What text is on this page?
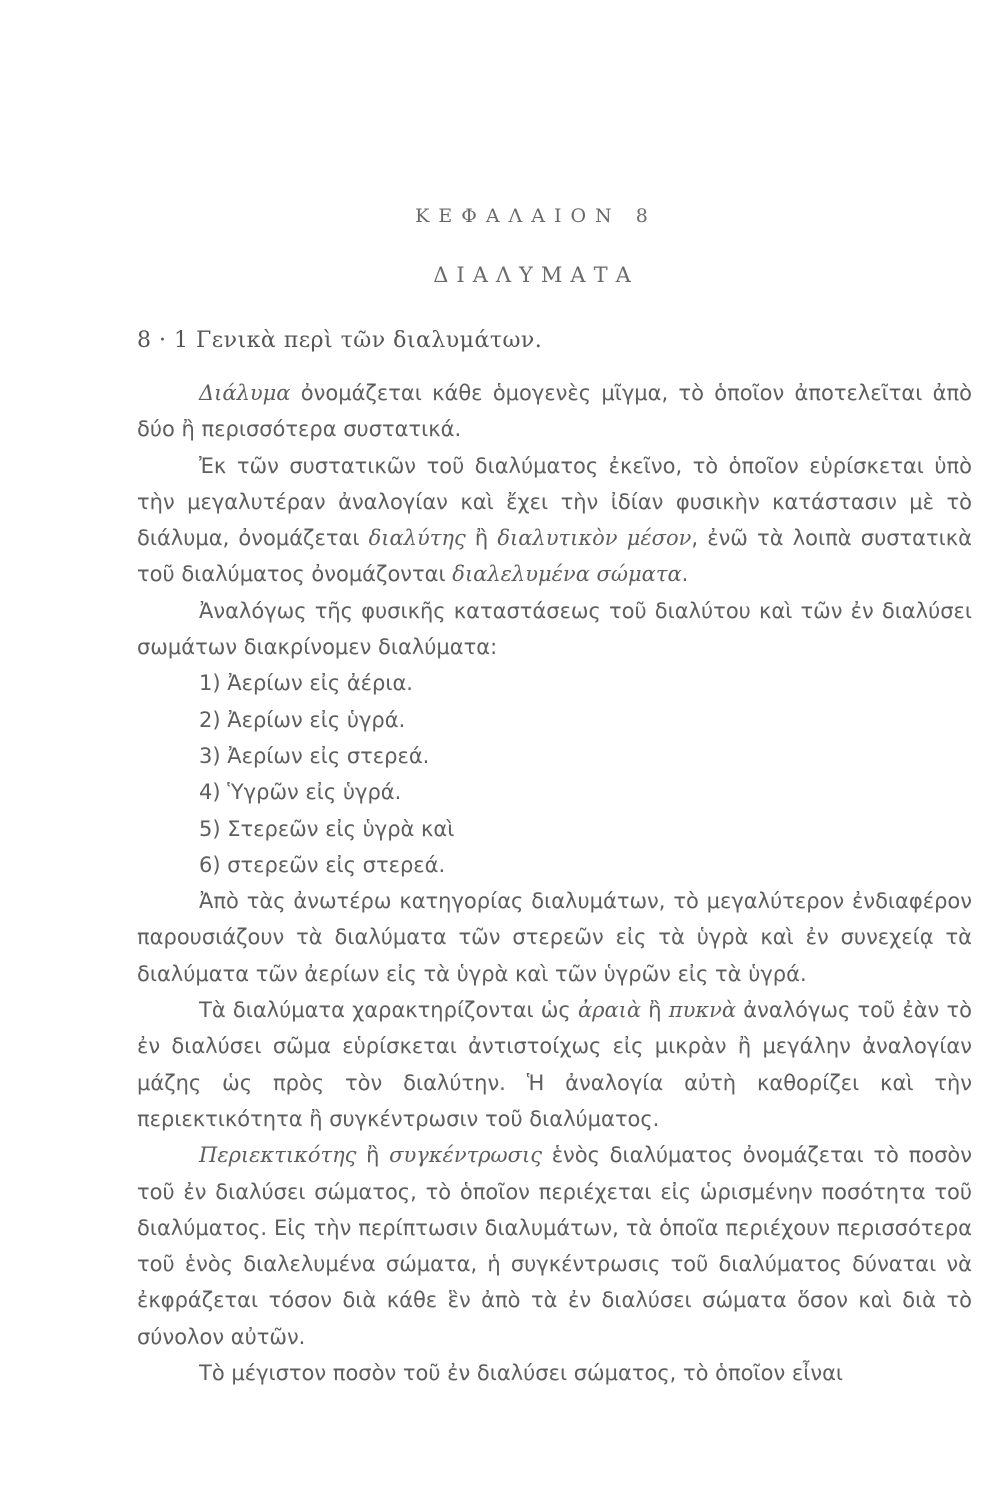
ΚΕΦΑΛΑΙΟΝ 8
ΔΙΑΛΥΜΑΤΑ
8 · 1 Γενικὰ περὶ τῶν διαλυμάτων.
Διάλυμα ὀνομάζεται κάθε ὁμογενὲς μῖγμα, τὸ ὁποῖον ἀποτελεῖται ἀπὸ δύο ἢ περισσότερα συστατικά.
Ἐκ τῶν συστατικῶν τοῦ διαλύματος ἐκεῖνο, τὸ ὁποῖον εὑρίσκεται ὑπὸ τὴν μεγαλυτέραν ἀναλογίαν καὶ ἔχει τὴν ἰδίαν φυσικὴν κατάστασιν μὲ τὸ διάλυμα, ὀνομάζεται διαλύτης ἢ διαλυτικὸν μέσον, ἐνῶ τὰ λοιπὰ συστατικὰ τοῦ διαλύματος ὀνομάζονται διαλελυμένα σώματα.
Ἀναλόγως τῆς φυσικῆς καταστάσεως τοῦ διαλύτου καὶ τῶν ἐν διαλύσει σωμάτων διακρίνομεν διαλύματα:
1) Ἀερίων εἰς ἀέρια.
2) Ἀερίων εἰς ὑγρά.
3) Ἀερίων εἰς στερεά.
4) Ὑγρῶν εἰς ὑγρά.
5) Στερεῶν εἰς ὑγρὰ καὶ
6) στερεῶν εἰς στερεά.
Ἀπὸ τὰς ἀνωτέρω κατηγορίας διαλυμάτων, τὸ μεγαλύτερον ἐνδιαφέρον παρουσιάζουν τὰ διαλύματα τῶν στερεῶν εἰς τὰ ὑγρὰ καὶ ἐν συνεχείᾳ τὰ διαλύματα τῶν ἀερίων εἰς τὰ ὑγρὰ καὶ τῶν ὑγρῶν εἰς τὰ ὑγρά.
Τὰ διαλύματα χαρακτηρίζονται ὡς ἀραιὰ ἢ πυκνὰ ἀναλόγως τοῦ ἐὰν τὸ ἐν διαλύσει σῶμα εὑρίσκεται ἀντιστοίχως εἰς μικρὰν ἢ μεγάλην ἀναλογίαν μάζης ὡς πρὸς τὸν διαλύτην. Ἡ ἀναλογία αὐτὴ καθορίζει καὶ τὴν περιεκτικότητα ἢ συγκέντρωσιν τοῦ διαλύματος.
Περιεκτικότης ἢ συγκέντρωσις ἑνὸς διαλύματος ὀνομάζεται τὸ ποσὸν τοῦ ἐν διαλύσει σώματος, τὸ ὁποῖον περιέχεται εἰς ὡρισμένην ποσότητα τοῦ διαλύματος. Εἰς τὴν περίπτωσιν διαλυμάτων, τὰ ὁποῖα περιέχουν περισσότερα τοῦ ἑνὸς διαλελυμένα σώματα, ἡ συγκέντρωσις τοῦ διαλύματος δύναται νὰ ἐκφράζεται τόσον διὰ κάθε ἓν ἀπὸ τὰ ἐν διαλύσει σώματα ὅσον καὶ διὰ τὸ σύνολον αὐτῶν.
Τὸ μέγιστον ποσὸν τοῦ ἐν διαλύσει σώματος, τὸ ὁποῖον εἶναι
